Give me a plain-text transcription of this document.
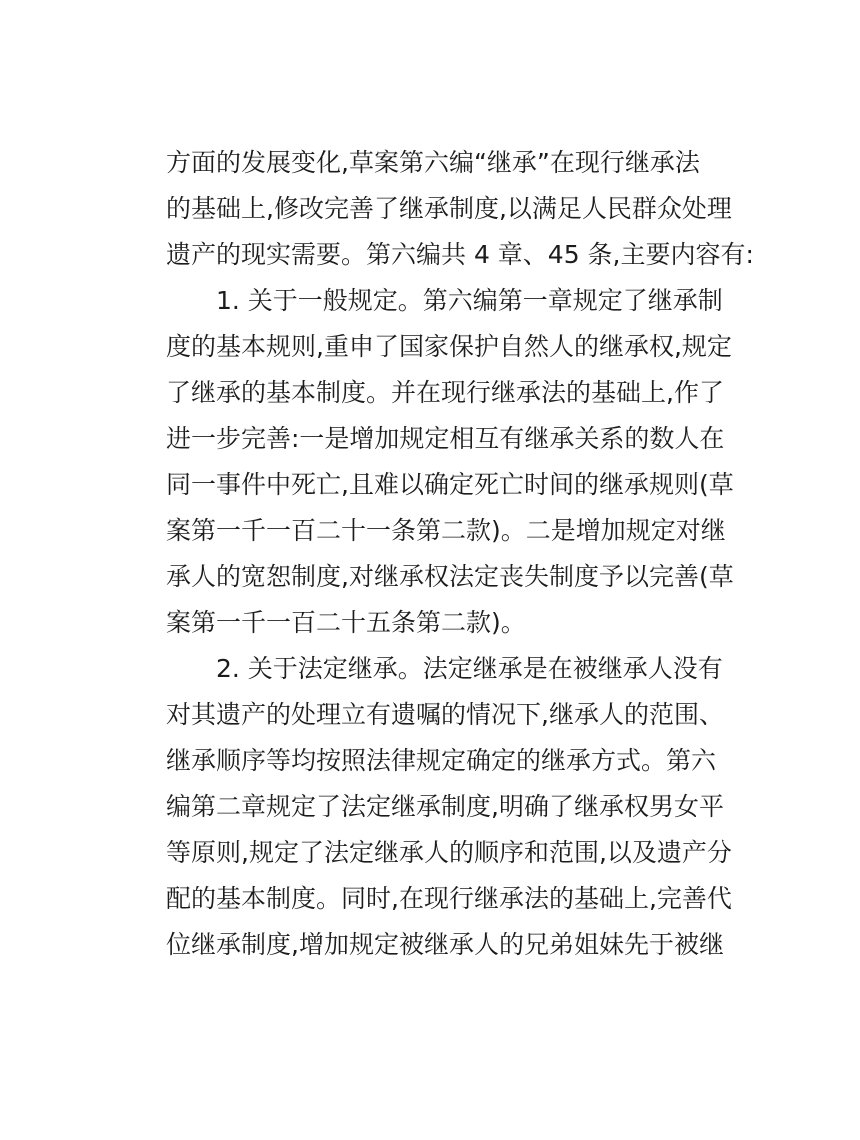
方面的发展变化,草案第六编“继承”在现行继承法
的基础上,修改完善了继承制度,以满足人民群众处理
遗产的现实需要。第六编共 4 章、45 条,主要内容有:
1. 关于一般规定。第六编第一章规定了继承制
度的基本规则,重申了国家保护自然人的继承权,规定
了继承的基本制度。并在现行继承法的基础上,作了
进一步完善:一是增加规定相互有继承关系的数人在
同一事件中死亡,且难以确定死亡时间的继承规则(草
案第一千一百二十一条第二款)。二是增加规定对继
承人的宽恕制度,对继承权法定丧失制度予以完善(草
案第一千一百二十五条第二款)。
2. 关于法定继承。法定继承是在被继承人没有
对其遗产的处理立有遗嘱的情况下,继承人的范围、
继承顺序等均按照法律规定确定的继承方式。第六
编第二章规定了法定继承制度,明确了继承权男女平
等原则,规定了法定继承人的顺序和范围,以及遗产分
配的基本制度。同时,在现行继承法的基础上,完善代
位继承制度,增加规定被继承人的兄弟姐妹先于被继
